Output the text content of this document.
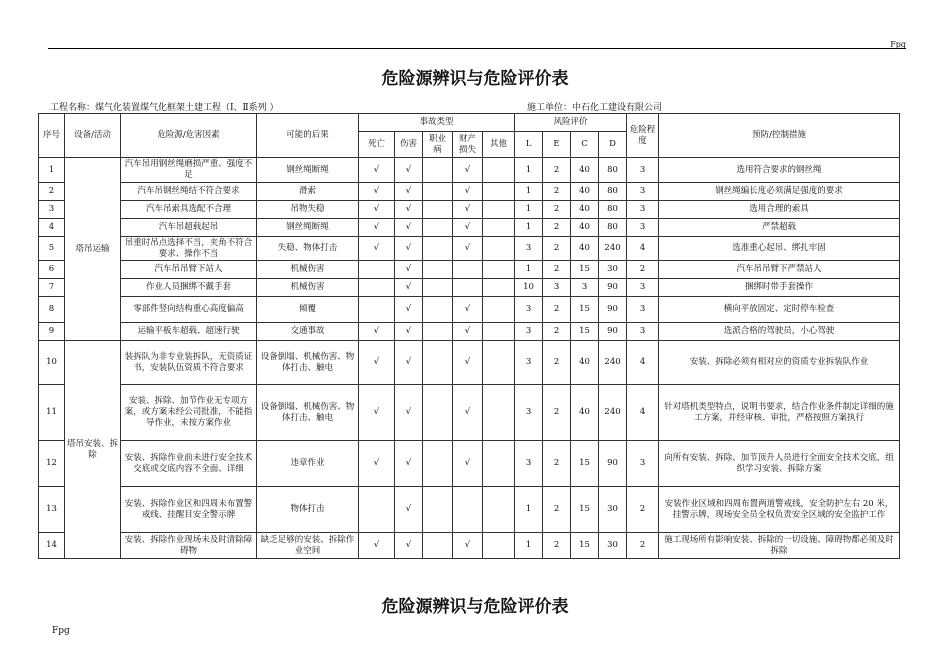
Fpg
危险源辨识与危险评价表
工程名称：煤气化装置煤气化框架土建工程（Ⅰ、Ⅱ系列 ）	施工单位：中石化工建设有限公司
序号	设备/活动	危险源/危害因素	可能的后果	事故类型					风险评价				危险程度	预防/控制措施
				死亡	伤害	职业病	财产损失	其他	L	E	C	D		
1	塔吊运输	汽车吊用钢丝绳磨损严重、强度不足	钢丝绳断绳	√	√		√		1	2	40	80	3	选用符合要求的钢丝绳
2		汽车吊钢丝绳结不符合要求	滑索	√	√		√		1	2	40	80	3	钢丝绳编长度必须满足强度的要求
3		汽车吊索具选配不合理	吊物失稳	√	√		√		1	2	40	80	3	选用合理的索具
4		汽车吊超载起吊	钢丝绳断绳	√	√		√		1	2	40	80	3	严禁超载
5		吊重时吊点选择不当，夹角不符合要求、操作不当	失稳、物体打击	√	√		√		3	2	40	240	4	选准重心起吊、绑扎牢固
6		汽车吊吊臂下站人	机械伤害		√				1	2	15	30	2	汽车吊吊臂下严禁站人
7		作业人员捆绑不戴手套	机械伤害		√				10	3	3	90	3	捆绑时带手套操作
8		零部件竖向结构重心高度偏高	倾覆		√		√		3	2	15	90	3	横向平放固定、定时停车检查
9		运输平板车超载、超速行驶	交通事故	√	√		√		3	2	15	90	3	选派合格的驾驶员，小心驾驶
10	塔吊安装、拆除	装拆队为非专业装拆队，无资质证书，安装队伍资质不符合要求	设备倒塌、机械伤害、物体打击、触电	√	√		√		3	2	40	240	4	安装、拆除必须有相对应的资质专业拆装队作业
11		安装、拆除、加节作业无专项方案，或方案未经公司批准，不能指导作业，未按方案作业	设备倒塌、机械伤害、物体打击、触电	√	√		√		3	2	40	240	4	针对塔机类型特点，说明书要求，结合作业条件制定详细的施工方案，并经审核、审批，严格按照方案执行
12		安装、拆除作业前未进行安全技术交底或交底内容不全面、详细	违章作业	√	√		√		3	2	15	90	3	向所有安装、拆除、加节顶升人员进行全面安全技术交底，组织学习安装、拆除方案
13		安装、拆除作业区和四周未布置警戒线、挂醒目安全警示牌	物体打击		√				1	2	15	30	2	安装作业区域和四周布置两道警戒线，安全防护左右 20 米，挂警示牌，现场安全员全权负责安全区域的安全监护工作
14		安装、拆除作业现场未及时清除障碍物	缺乏足够的安装、拆除作业空间	√	√		√		1	2	15	30	2	施工现场所有影响安装、拆除的一切设施、障碍物都必须及时拆除
危险源辨识与危险评价表
Fpg
